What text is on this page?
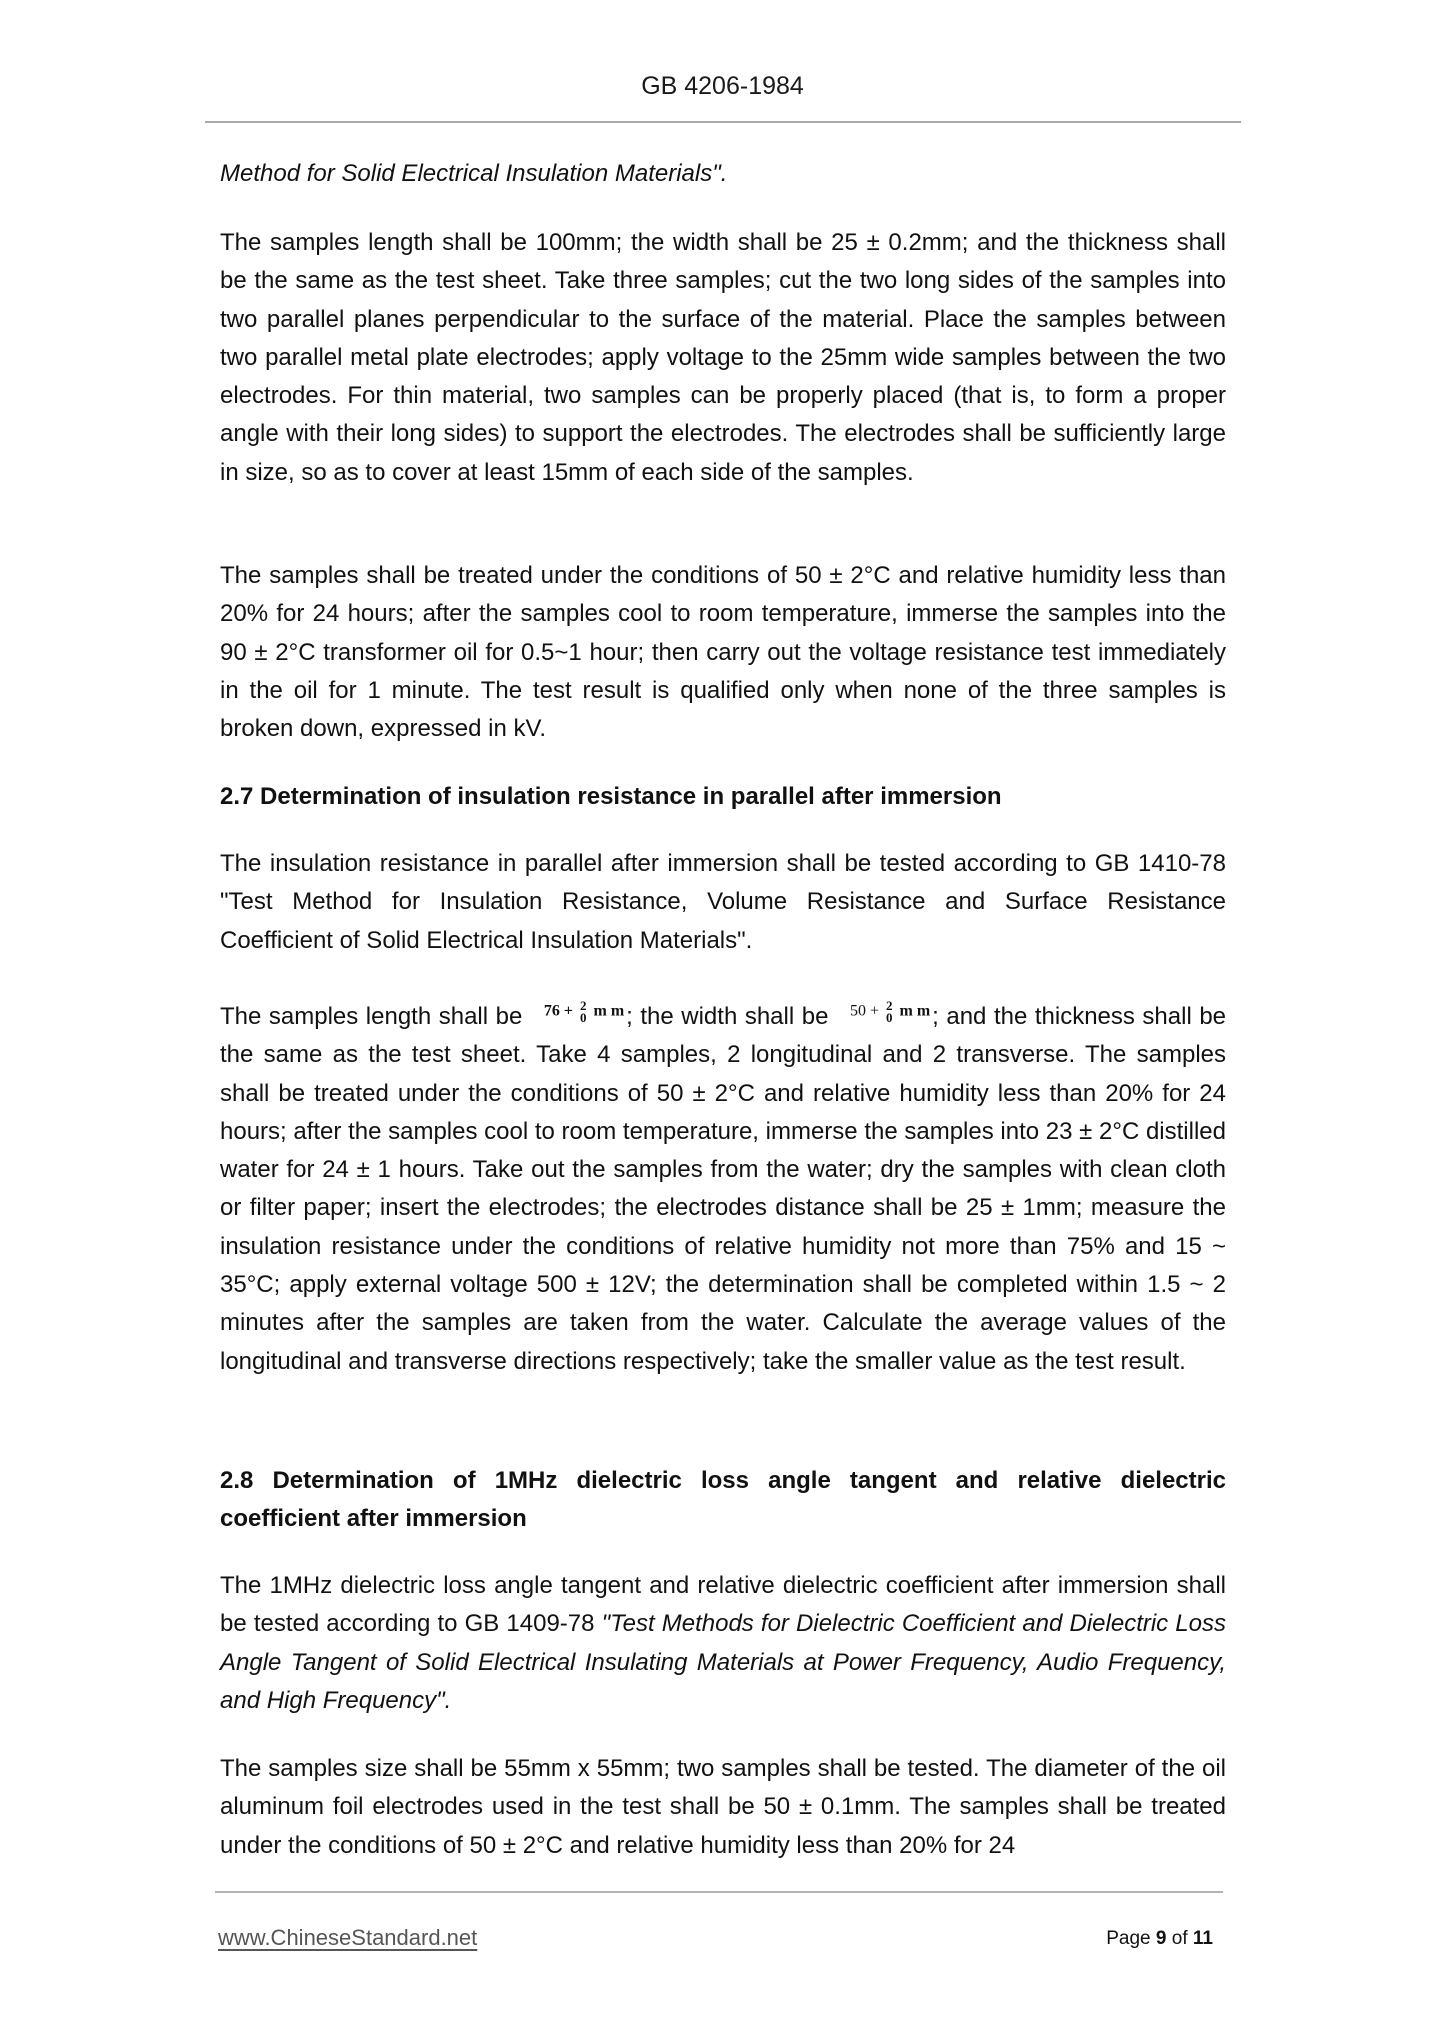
GB 4206-1984
Method for Solid Electrical Insulation Materials".
The samples length shall be 100mm; the width shall be 25 ± 0.2mm; and the thickness shall be the same as the test sheet. Take three samples; cut the two long sides of the samples into two parallel planes perpendicular to the surface of the material. Place the samples between two parallel metal plate electrodes; apply voltage to the 25mm wide samples between the two electrodes. For thin material, two samples can be properly placed (that is, to form a proper angle with their long sides) to support the electrodes. The electrodes shall be sufficiently large in size, so as to cover at least 15mm of each side of the samples.
The samples shall be treated under the conditions of 50 ± 2°C and relative humidity less than 20% for 24 hours; after the samples cool to room temperature, immerse the samples into the 90 ± 2°C transformer oil for 0.5~1 hour; then carry out the voltage resistance test immediately in the oil for 1 minute. The test result is qualified only when none of the three samples is broken down, expressed in kV.
2.7 Determination of insulation resistance in parallel after immersion
The insulation resistance in parallel after immersion shall be tested according to GB 1410-78 "Test Method for Insulation Resistance, Volume Resistance and Surface Resistance Coefficient of Solid Electrical Insulation Materials".
The samples length shall be 76 + 2
0 m m; the width shall be 50 + 2
0 m m; and the thickness shall be the same as the test sheet. Take 4 samples, 2 longitudinal and 2 transverse. The samples shall be treated under the conditions of 50 ± 2°C and relative humidity less than 20% for 24 hours; after the samples cool to room temperature, immerse the samples into 23 ± 2°C distilled water for 24 ± 1 hours. Take out the samples from the water; dry the samples with clean cloth or filter paper; insert the electrodes; the electrodes distance shall be 25 ± 1mm; measure the insulation resistance under the conditions of relative humidity not more than 75% and 15 ~ 35°C; apply external voltage 500 ± 12V; the determination shall be completed within 1.5 ~ 2 minutes after the samples are taken from the water. Calculate the average values of the longitudinal and transverse directions respectively; take the smaller value as the test result.
2.8 Determination of 1MHz dielectric loss angle tangent and relative dielectric coefficient after immersion
The 1MHz dielectric loss angle tangent and relative dielectric coefficient after immersion shall be tested according to GB 1409-78 "Test Methods for Dielectric Coefficient and Dielectric Loss Angle Tangent of Solid Electrical Insulating Materials at Power Frequency, Audio Frequency, and High Frequency".
The samples size shall be 55mm x 55mm; two samples shall be tested. The diameter of the oil aluminum foil electrodes used in the test shall be 50 ± 0.1mm. The samples shall be treated under the conditions of 50 ± 2°C and relative humidity less than 20% for 24
www.ChineseStandard.net	Page 9 of 11
